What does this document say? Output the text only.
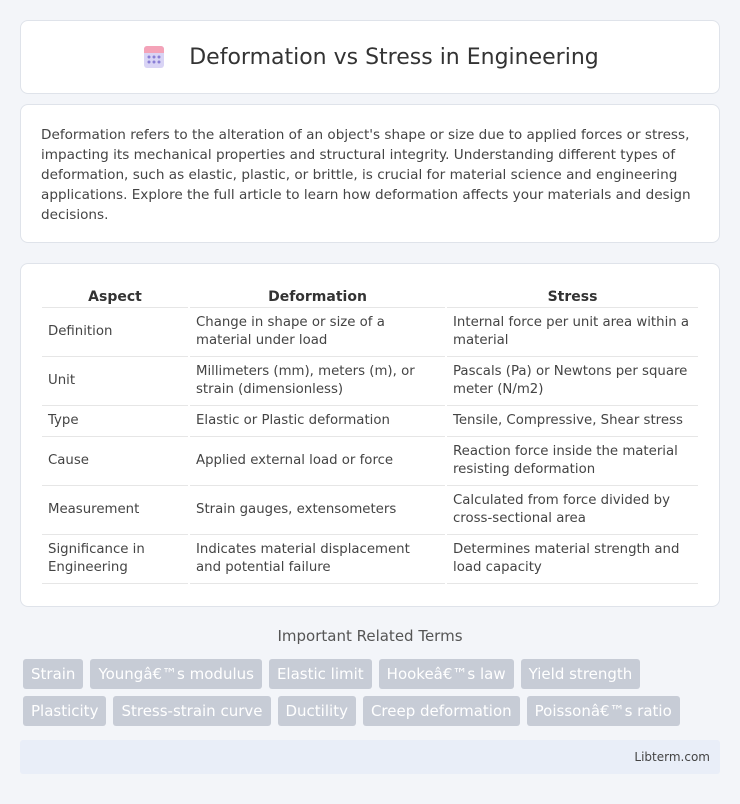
Deformation vs Stress in Engineering

Deformation refers to the alteration of an object's shape or size due to applied forces or stress, impacting its mechanical properties and structural integrity. Understanding different types of deformation, such as elastic, plastic, or brittle, is crucial for material science and engineering applications. Explore the full article to learn how deformation affects your materials and design decisions.

Aspect	Deformation	Stress
Definition	Change in shape or size of a material under load	Internal force per unit area within a material
Unit	Millimeters (mm), meters (m), or strain (dimensionless)	Pascals (Pa) or Newtons per square meter (N/m2)
Type	Elastic or Plastic deformation	Tensile, Compressive, Shear stress
Cause	Applied external load or force	Reaction force inside the material resisting deformation
Measurement	Strain gauges, extensometers	Calculated from force divided by cross-sectional area
Significance in Engineering	Indicates material displacement and potential failure	Determines material strength and load capacity
Important Related Terms
Strain	Youngâ€™s modulus	Elastic limit	Hookeâ€™s law	Yield strength
Plasticity	Stress-strain curve	Ductility	Creep deformation	Poissonâ€™s ratio
Libterm.com
